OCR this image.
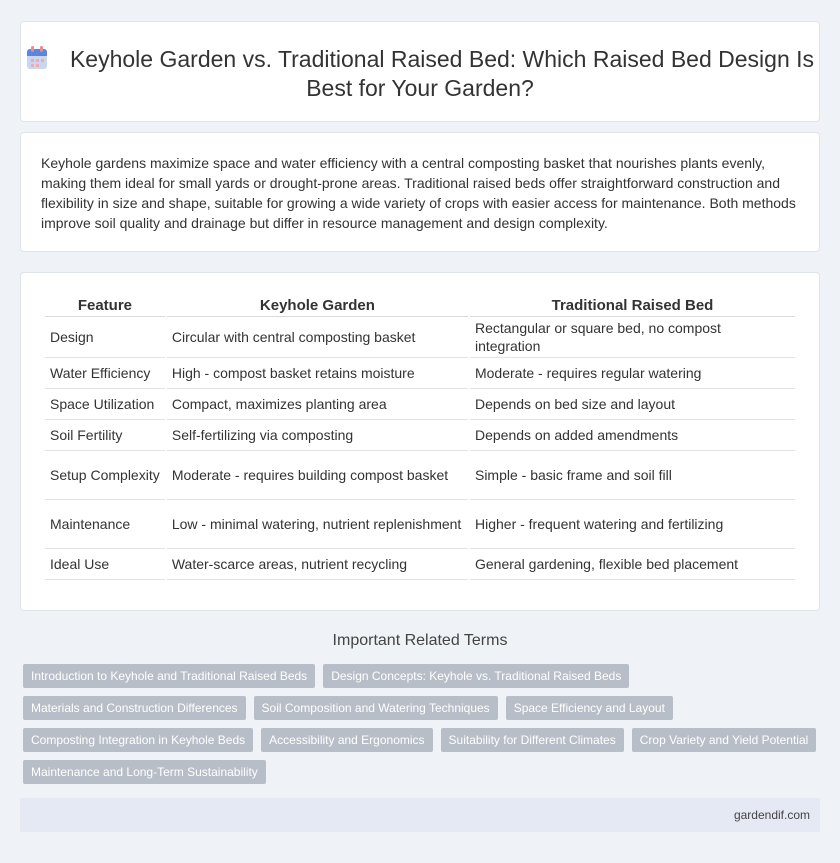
Keyhole Garden vs. Traditional Raised Bed: Which Raised Bed Design Is Best for Your Garden?

Keyhole gardens maximize space and water efficiency with a central composting basket that nourishes plants evenly, making them ideal for small yards or drought-prone areas. Traditional raised beds offer straightforward construction and flexibility in size and shape, suitable for growing a wide variety of crops with easier access for maintenance. Both methods improve soil quality and drainage but differ in resource management and design complexity.

Feature	Keyhole Garden	Traditional Raised Bed
Design	Circular with central composting basket	Rectangular or square bed, no compost integration
Water Efficiency	High - compost basket retains moisture	Moderate - requires regular watering
Space Utilization	Compact, maximizes planting area	Depends on bed size and layout
Soil Fertility	Self-fertilizing via composting	Depends on added amendments
Setup Complexity	Moderate - requires building compost basket	Simple - basic frame and soil fill
Maintenance	Low - minimal watering, nutrient replenishment	Higher - frequent watering and fertilizing
Ideal Use	Water-scarce areas, nutrient recycling	General gardening, flexible bed placement
Important Related Terms
Introduction to Keyhole and Traditional Raised Beds	Design Concepts: Keyhole vs. Traditional Raised Beds
Materials and Construction Differences	Soil Composition and Watering Techniques	Space Efficiency and Layout
Composting Integration in Keyhole Beds	Accessibility and Ergonomics	Suitability for Different Climates	Crop Variety and Yield Potential
Maintenance and Long-Term Sustainability
gardendif.com
